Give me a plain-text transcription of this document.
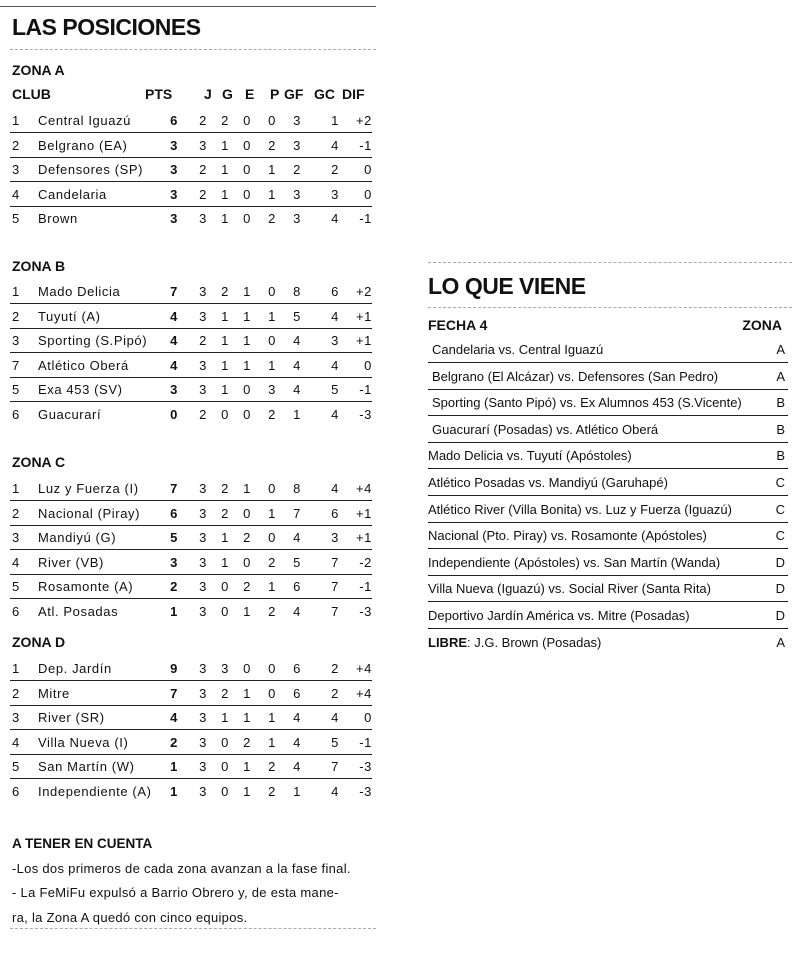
LAS POSICIONES
ZONA A
CLUB	PTS J G E P GF GC DIF
1 Central Iguazú	6 2 2 0 0 3 1	+2
2 Belgrano (EA)	3 3 1 0 2 3 4	-1
3 Defensores (SP) 3 2 1 0 1 2 2	0
4 Candelaria	3 2 1 0 1 3 3	0
5 Brown	3 3 1 0 2 3 4	-1
ZONA B
1 Mado Delicia	7 3 2 1 0 8 6	+2
2 Tuyutí (A)	4 3 1 1 1 5 4	+1
3 Sporting (S.Pipó) 4 2 1 1 0 4 3	+1
7 Atlético Oberá	4 3 1 1 1 4 4	0
5 Exa 453 (SV)	3 3 1 0 3 4 5	-1
6 Guacurarí	0 2 0 0 2 1 4	-3
ZONA C
1 Luz y Fuerza (I) 7 3 2 1 0 8 4	+4
2 Nacional (Piray) 6 3 2 0 1 7 6	+1
3 Mandiyú (G)	5 3 1 2 0 4 3	+1
4 River (VB)	3 3 1 0 2 5 7	-2
5 Rosamonte (A)	2 3 0 2 1 6 7	-1
6 Atl. Posadas	1 3 0 1 2 4 7	-3
ZONA D
1 Dep. Jardín	9 3 3 0 0 6 2	+4
2 Mitre	7 3 2 1 0 6 2	+4
3 River (SR)	4 3 1 1 1 4 4	0
4 Villa Nueva (I)	2 3 0 2 1 4 5	-1
5 San Martín (W)	1 3 0 1 2 4 7	-3
6 Independiente (A) 1 3 0 1 2 1 4	-3
A TENER EN CUENTA
-Los dos primeros de cada zona avanzan a la fase final.
- La FeMiFu expulsó a Barrio Obrero y, de esta mane-
ra, la Zona A quedó con cinco equipos.
LO QUE VIENE
FECHA 4	ZONA
Candelaria vs. Central Iguazú	A
Belgrano (El Alcázar) vs. Defensores (San Pedro)	A
Sporting (Santo Pipó) vs. Ex Alumnos 453 (S.Vicente)	B
Guacurarí (Posadas) vs. Atlético Oberá	B
Mado Delicia vs. Tuyutí (Apóstoles)	B
Atlético Posadas vs. Mandiyú (Garuhapé)	C
Atlético River (Villa Bonita) vs. Luz y Fuerza (Iguazú)	C
Nacional (Pto. Piray) vs. Rosamonte (Apóstoles)	C
Independiente (Apóstoles) vs. San Martín (Wanda)	D
Villa Nueva (Iguazú) vs. Social River (Santa Rita)	D
Deportivo Jardín América vs. Mitre (Posadas)	D
LIBRE: J.G. Brown (Posadas)	A
